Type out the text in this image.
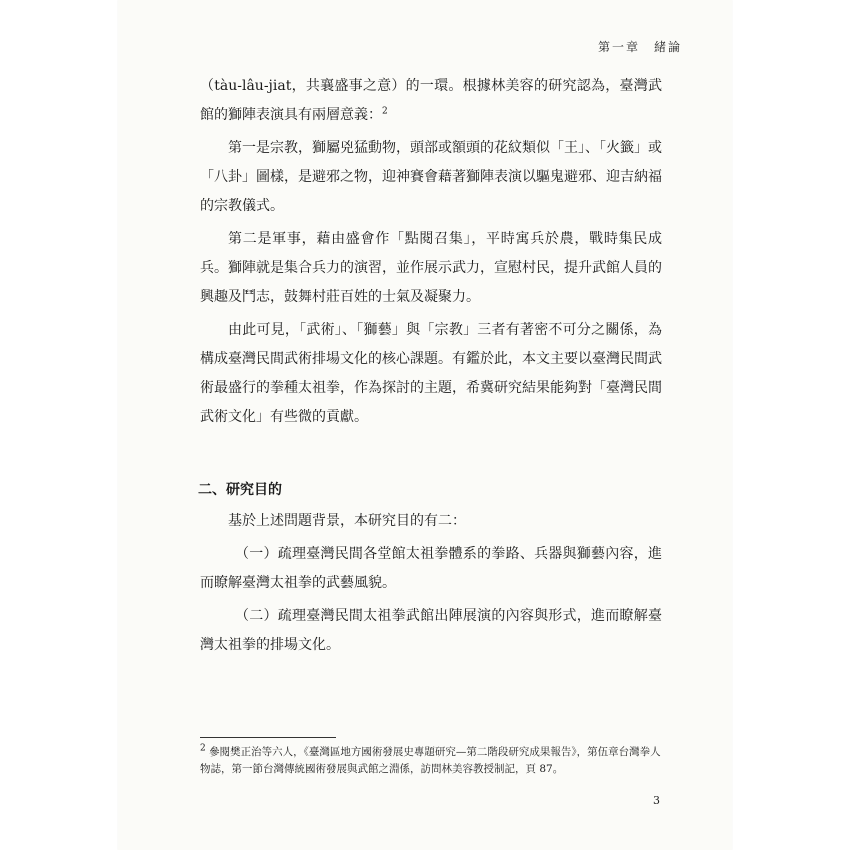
第一章　緒論

（tàu-lâu-jiat，共襄盛事之意）的一環。根據林美容的研究認為，臺灣武館的獅陣表演具有兩層意義：$^2$

第一是宗教，獅屬兇猛動物，頭部或額頭的花紋類似「王」、「火籤」或「八卦」圖樣，是避邪之物，迎神賽會藉著獅陣表演以驅鬼避邪、迎吉納福的宗教儀式。

第二是軍事，藉由盛會作「點閱召集」，平時寓兵於農，戰時集民成兵。獅陣就是集合兵力的演習，並作展示武力，宣慰村民，提升武館人員的興趣及鬥志，鼓舞村莊百姓的士氣及凝聚力。

由此可見，「武術」、「獅藝」與「宗教」三者有著密不可分之關係，為構成臺灣民間武術排場文化的核心課題。有鑑於此，本文主要以臺灣民間武術最盛行的拳種太祖拳，作為探討的主題，希冀研究結果能夠對「臺灣民間武術文化」有些微的貢獻。

二、研究目的

基於上述問題背景，本研究目的有二：

（一）疏理臺灣民間各堂館太祖拳體系的拳路、兵器與獅藝內容，進而瞭解臺灣太祖拳的武藝風貌。

（二）疏理臺灣民間太祖拳武館出陣展演的內容與形式，進而瞭解臺灣太祖拳的排場文化。

$^2$ 參閱樊正治等六人，《臺灣區地方國術發展史專題研究—第二階段研究成果報告》，第伍章台灣拳人物誌，第一節台灣傳統國術發展與武館之淵係，訪問林美容教授制記，頁 87。
3
